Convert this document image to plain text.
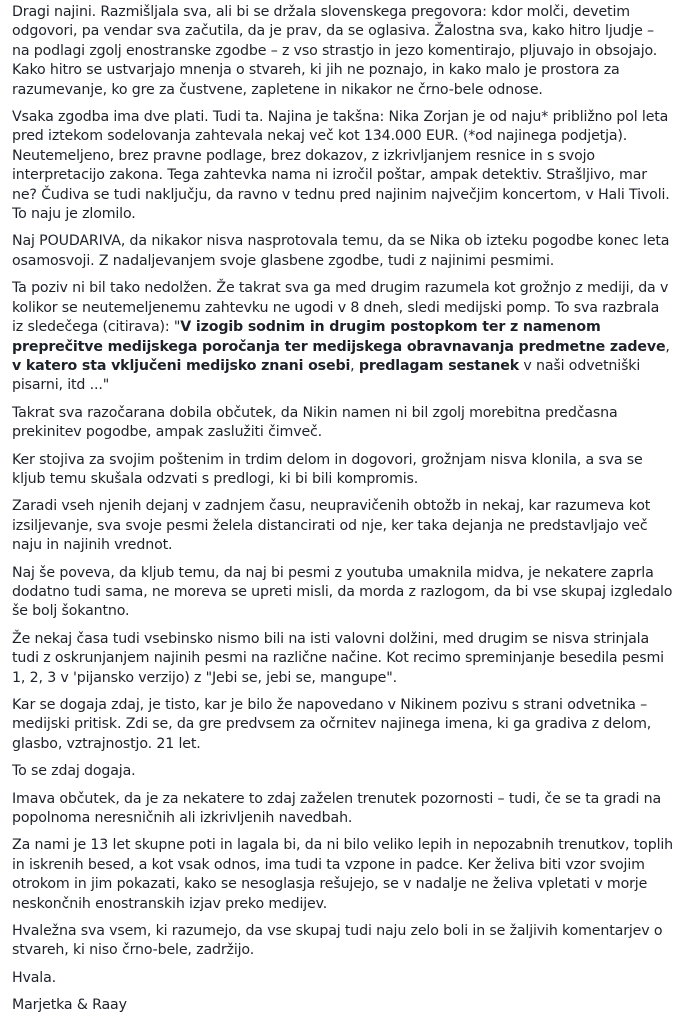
Dragi najini. Razmišljala sva, ali bi se držala slovenskega pregovora: kdor molči, devetim odgovori, pa vendar sva začutila, da je prav, da se oglasiva. Žalostna sva, kako hitro ljudje – na podlagi zgolj enostranske zgodbe – z vso strastjo in jezo komentirajo, pljuvajo in obsojajo.
Kako hitro se ustvarjajo mnenja o stvareh, ki jih ne poznajo, in kako malo je prostora za razumevanje, ko gre za čustvene, zapletene in nikakor ne črno-bele odnose.

Vsaka zgodba ima dve plati. Tudi ta. Najina je takšna: Nika Zorjan je od naju* približno pol leta pred iztekom sodelovanja zahtevala nekaj več kot 134.000 EUR. (*od najinega podjetja). Neutemeljeno, brez pravne podlage, brez dokazov, z izkrivljanjem resnice in s svojo interpretacijo zakona. Tega zahtevka nama ni izročil poštar, ampak detektiv. Strašljivo, mar ne? Čudiva se tudi naključju, da ravno v tednu pred najinim največjim koncertom, v Hali Tivoli. To naju je zlomilo.

Naj POUDARIVA, da nikakor nisva nasprotovala temu, da se Nika ob izteku pogodbe konec leta osamosvoji. Z nadaljevanjem svoje glasbene zgodbe, tudi z najinimi pesmimi.

Ta poziv ni bil tako nedolžen. Že takrat sva ga med drugim razumela kot grožnjo z mediji, da v kolikor se neutemeljenemu zahtevku ne ugodi v 8 dneh, sledi medijski pomp. To sva razbrala iz sledečega (citirava): "V izogib sodnim in drugim postopkom ter z namenom preprečitve medijskega poročanja ter medijskega obravnavanja predmetne zadeve, v katero sta vključeni medijsko znani osebi, predlagam sestanek v naši odvetniški pisarni, itd ..."

Takrat sva razočarana dobila občutek, da Nikin namen ni bil zgolj morebitna predčasna prekinitev pogodbe, ampak zaslužiti čimveč.

Ker stojiva za svojim poštenim in trdim delom in dogovori, grožnjam nisva klonila, a sva se kljub temu skušala odzvati s predlogi, ki bi bili kompromis.

Zaradi vseh njenih dejanj v zadnjem času, neupravičenih obtožb in nekaj, kar razumeva kot izsiljevanje, sva svoje pesmi želela distancirati od nje, ker taka dejanja ne predstavljajo več naju in najinih vrednot.

Naj še poveva, da kljub temu, da naj bi pesmi z youtuba umaknila midva, je nekatere zaprla dodatno tudi sama, ne moreva se upreti misli, da morda z razlogom, da bi vse skupaj izgledalo še bolj šokantno.

Že nekaj časa tudi vsebinsko nismo bili na isti valovni dolžini, med drugim se nisva strinjala tudi z oskrunjanjem najinih pesmi na različne načine. Kot recimo spreminjanje besedila pesmi 1, 2, 3 v 'pijansko verzijo) z "Jebi se, jebi se, mangupe".

Kar se dogaja zdaj, je tisto, kar je bilo že napovedano v Nikinem pozivu s strani odvetnika – medijski pritisk. Zdi se, da gre predvsem za očrnitev najinega imena, ki ga gradiva z delom, glasbo, vztrajnostjo. 21 let.

To se zdaj dogaja.

Imava občutek, da je za nekatere to zdaj zaželen trenutek pozornosti – tudi, če se ta gradi na popolnoma neresničnih ali izkrivljenih navedbah.

Za nami je 13 let skupne poti in lagala bi, da ni bilo veliko lepih in nepozabnih trenutkov, toplih in iskrenih besed, a kot vsak odnos, ima tudi ta vzpone in padce. Ker želiva biti vzor svojim otrokom in jim pokazati, kako se nesoglasja rešujejo, se v nadalje ne želiva vpletati v morje neskončnih enostranskih izjav preko medijev.

Hvaležna sva vsem, ki razumejo, da vse skupaj tudi naju zelo boli in se žaljivih komentarjev o stvareh, ki niso črno-bele, zadržijo.

Hvala.

Marjetka & Raay
